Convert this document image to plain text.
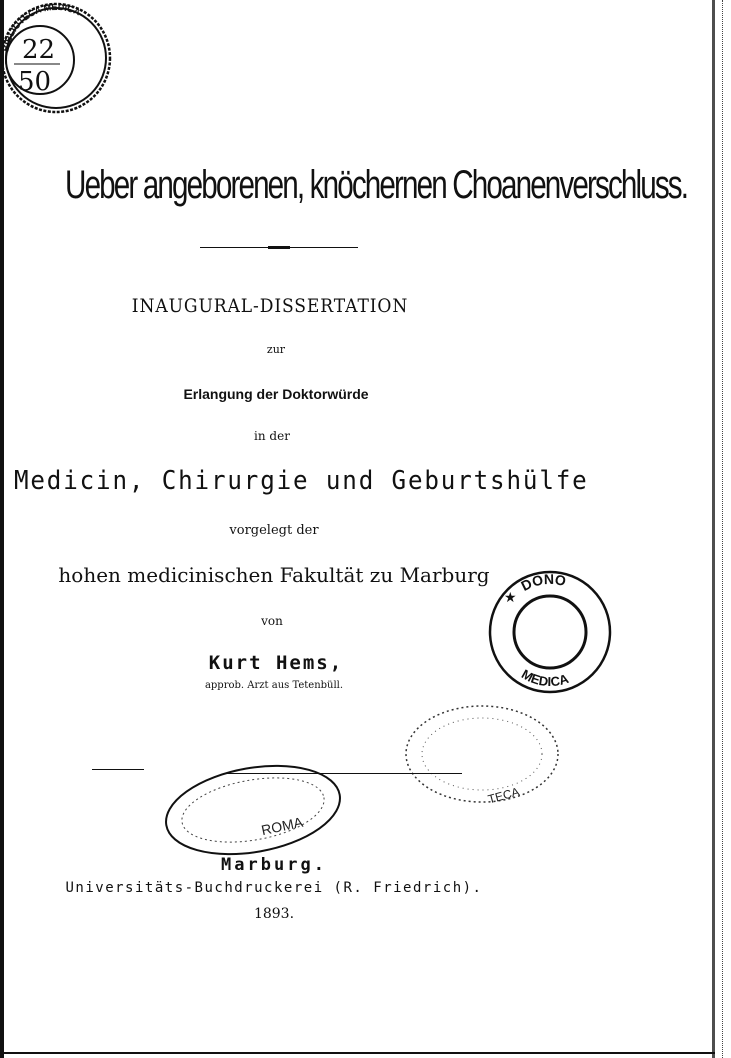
BIBLIOTECA MEDICA
22
50
Ueber angeborenen, knöchernen Choanenverschluss.
INAUGURAL-DISSERTATION
zur
Erlangung der Doktorwürde
in der
Medicin, Chirurgie und Geburtshülfe
vorgelegt der
hohen medicinischen Fakultät zu Marburg
von
Kurt Hems,
approb. Arzt aus Tetenbüll.
DONO
MEDICA
★
TECA
ROMA
Marburg.
Universitäts-Buchdruckerei (R. Friedrich).
1893.
